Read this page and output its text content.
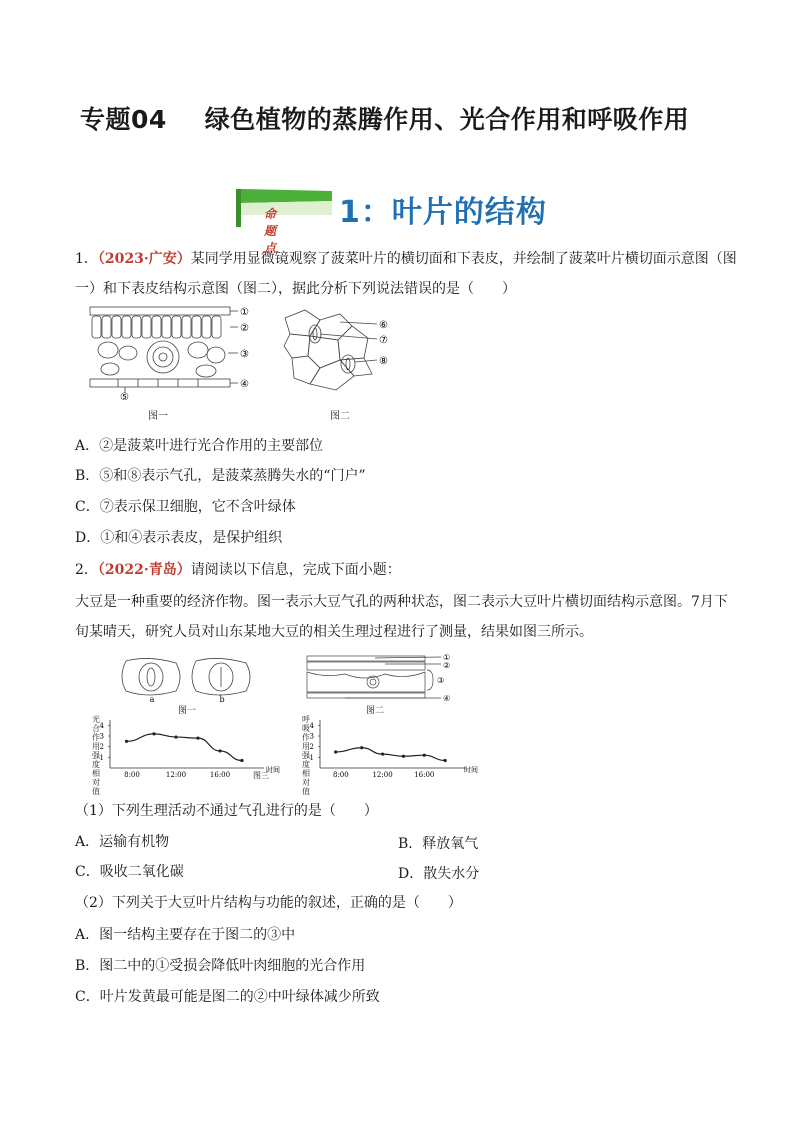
专题04 绿色植物的蒸腾作用、光合作用和呼吸作用
命题点
1：叶片的结构
1．（2023·广安）某同学用显微镜观察了菠菜叶片的横切面和下表皮，并绘制了菠菜叶片横切面示意图（图
一）和下表皮结构示意图（图二），据此分析下列说法错误的是（　　）
①
②
③
④
⑤
图一
⑥
⑦
⑧
图二
A．②是菠菜叶进行光合作用的主要部位
B．⑤和⑧表示气孔，是菠菜蒸腾失水的“门户”
C．⑦表示保卫细胞，它不含叶绿体
D．①和④表示表皮，是保护组织
2．（2022·青岛）请阅读以下信息，完成下面小题：
大豆是一种重要的经济作物。图一表示大豆气孔的两种状态，图二表示大豆叶片横切面结构示意图。7月下
旬某晴天，研究人员对山东某地大豆的相关生理过程进行了测量，结果如图三所示。
a	b
图一
①
②
③
④
图二
1
2
3
4
8:00	12:00	16:00
时间
1
2
3
4
8:00	12:00	16:00
时间
图三
光合作用强度相对值
呼吸作用强度相对值
（1）下列生理活动不通过气孔进行的是（　　）
A．运输有机物	B．释放氧气
C．吸收二氧化碳	D．散失水分
（2）下列关于大豆叶片结构与功能的叙述，正确的是（　　）
A．图一结构主要存在于图二的③中
B．图二中的①受损会降低叶肉细胞的光合作用
C．叶片发黄最可能是图二的②中叶绿体减少所致
